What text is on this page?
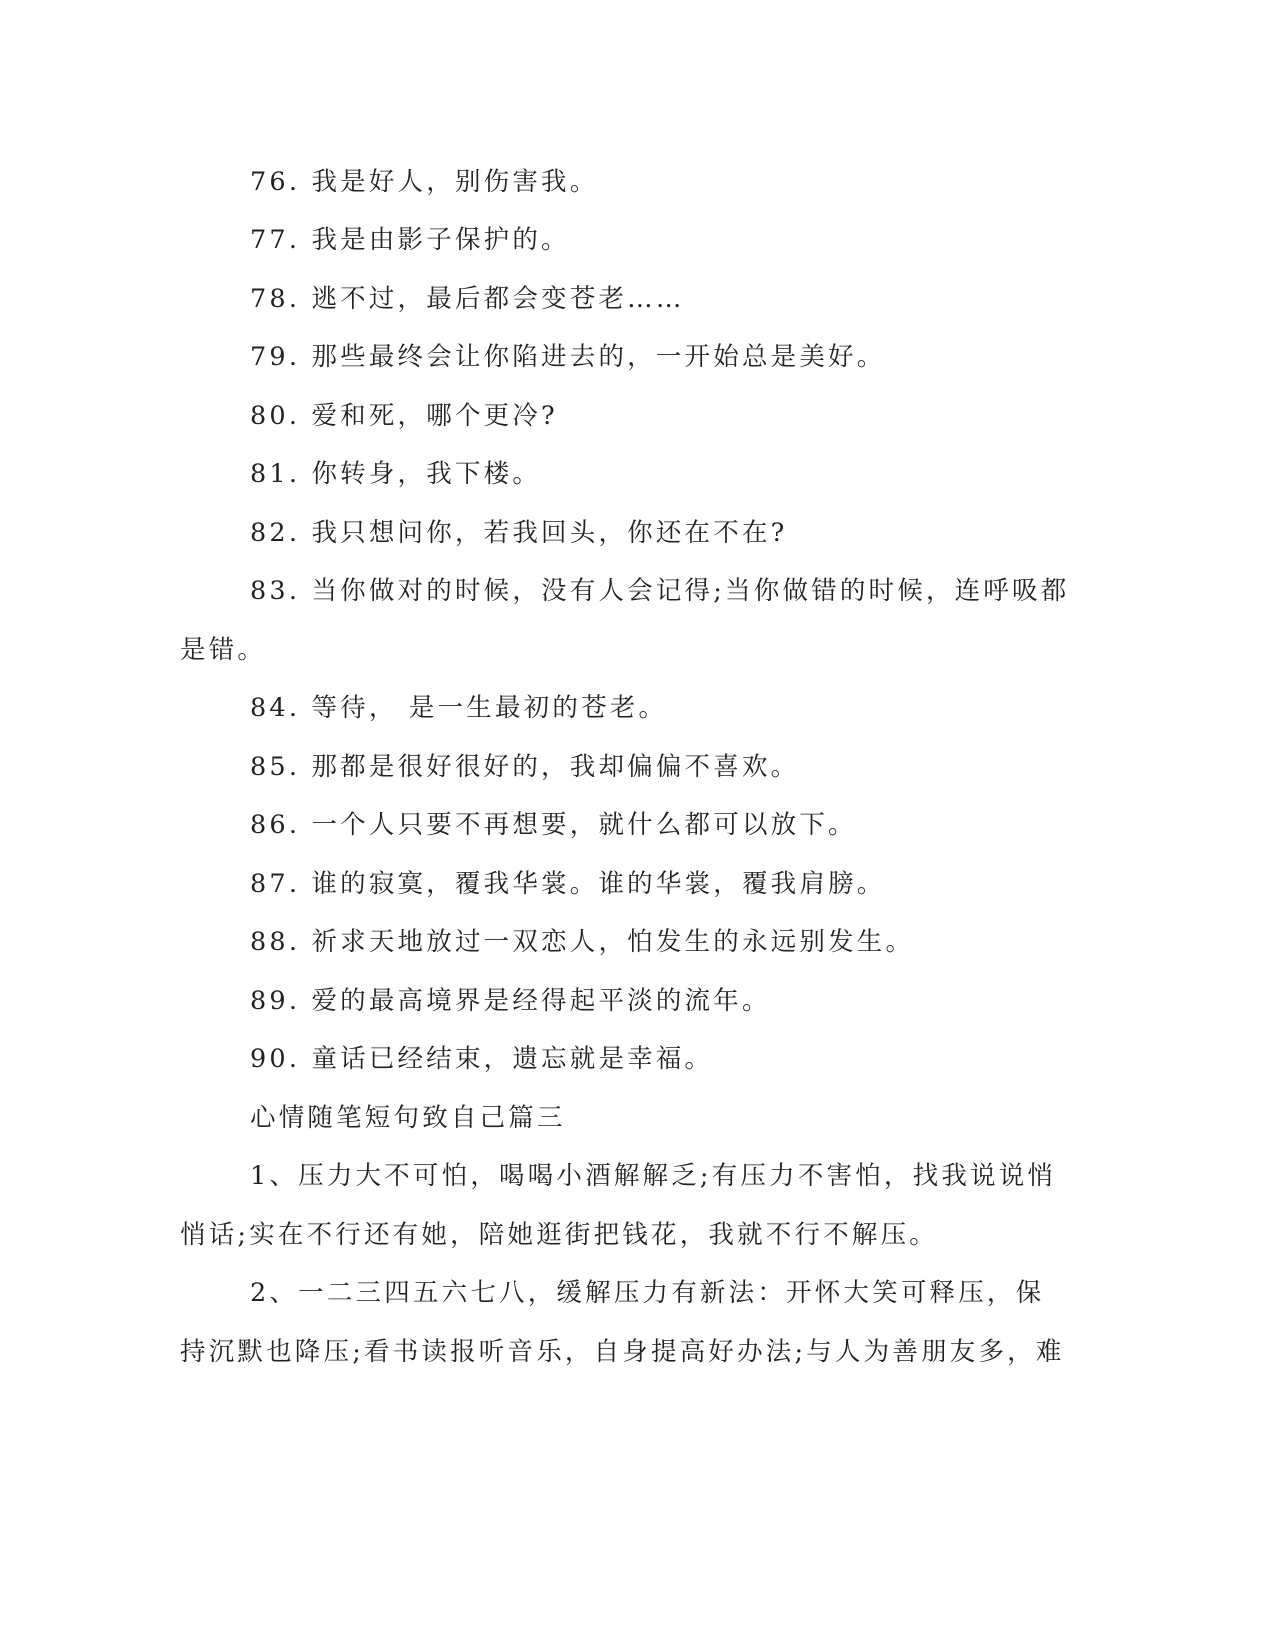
76. 我是好人，别伤害我。
77. 我是由影子保护的。
78. 逃不过，最后都会变苍老……
79. 那些最终会让你陷进去的，一开始总是美好。
80. 爱和死，哪个更冷?
81. 你转身，我下楼。
82. 我只想问你，若我回头，你还在不在?
83. 当你做对的时候，没有人会记得;当你做错的时候，连呼吸都
是错。
84. 等待， 是一生最初的苍老。
85. 那都是很好很好的，我却偏偏不喜欢。
86. 一个人只要不再想要，就什么都可以放下。
87. 谁的寂寞，覆我华裳。谁的华裳，覆我肩膀。
88. 祈求天地放过一双恋人，怕发生的永远别发生。
89. 爱的最高境界是经得起平淡的流年。
90. 童话已经结束，遗忘就是幸福。
心情随笔短句致自己篇三
1、压力大不可怕，喝喝小酒解解乏;有压力不害怕，找我说说悄
悄话;实在不行还有她，陪她逛街把钱花，我就不行不解压。
2、一二三四五六七八，缓解压力有新法：开怀大笑可释压，保
持沉默也降压;看书读报听音乐，自身提高好办法;与人为善朋友多，难
